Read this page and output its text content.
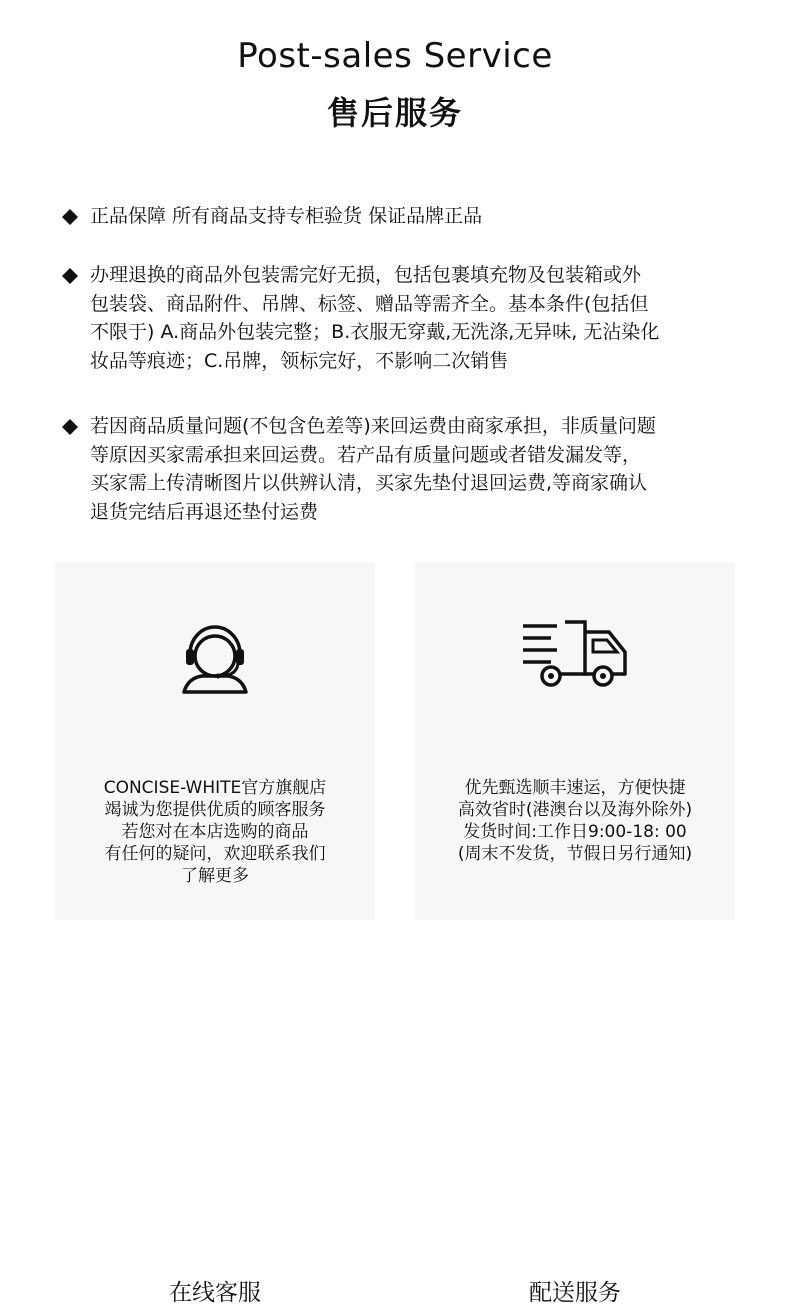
Post-sales Service
售后服务
正品保障 所有商品支持专柜验货 保证品牌正品
办理退换的商品外包装需完好无损，包括包裹填充物及包装箱或外
包装袋、商品附件、吊牌、标签、赠品等需齐全。基本条件(包括但
不限于) A.商品外包装完整；B.衣服无穿戴,无洗涤,无异味, 无沾染化
妆品等痕迹；C.吊牌，领标完好，不影响二次销售
若因商品质量问题(不包含色差等)来回运费由商家承担，非质量问题
等原因买家需承担来回运费。若产品有质量问题或者错发漏发等，
买家需上传清晰图片以供辨认清，买家先垫付退回运费,等商家确认
退货完结后再退还垫付运费
在线客服
CONCISE-WHITE官方旗舰店
竭诚为您提供优质的顾客服务
若您对在本店选购的商品
有任何的疑问，欢迎联系我们
了解更多
配送服务
优先甄选顺丰速运，方便快捷
高效省时(港澳台以及海外除外)
发货时间:工作日9:00-18: 00
(周末不发货，节假日另行通知)
